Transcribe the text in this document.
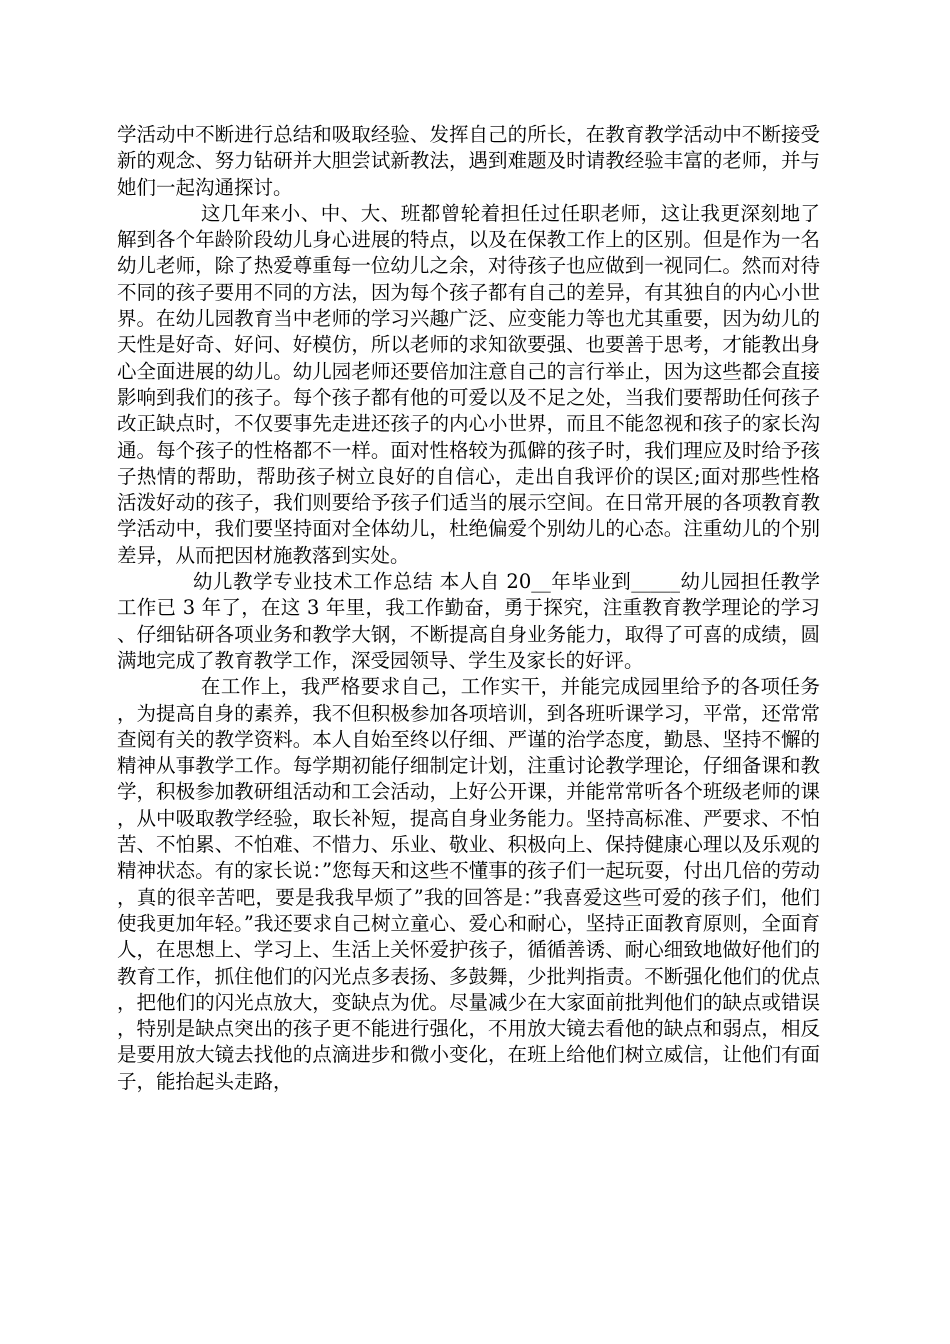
学活动中不断进行总结和吸取经验、发挥自己的所长，在教育教学活动中不断接受新的观念、努力钻研并大胆尝试新教法，遇到难题及时请教经验丰富的老师，并与她们一起沟通探讨。

这几年来小、中、大、班都曾轮着担任过任职老师，这让我更深刻地了解到各个年龄阶段幼儿身心进展的特点，以及在保教工作上的区别。但是作为一名幼儿老师，除了热爱尊重每一位幼儿之余，对待孩子也应做到一视同仁。然而对待不同的孩子要用不同的方法，因为每个孩子都有自己的差异，有其独自的内心小世界。在幼儿园教育当中老师的学习兴趣广泛、应变能力等也尤其重要，因为幼儿的天性是好奇、好问、好模仿，所以老师的求知欲要强、也要善于思考，才能教出身心全面进展的幼儿。幼儿园老师还要倍加注意自己的言行举止，因为这些都会直接影响到我们的孩子。每个孩子都有他的可爱以及不足之处，当我们要帮助任何孩子改正缺点时，不仅要事先走进还孩子的内心小世界，而且不能忽视和孩子的家长沟通。每个孩子的性格都不一样。面对性格较为孤僻的孩子时，我们理应及时给予孩子热情的帮助，帮助孩子树立良好的自信心，走出自我评价的误区;面对那些性格活泼好动的孩子，我们则要给予孩子们适当的展示空间。在日常开展的各项教育教学活动中，我们要坚持面对全体幼儿，杜绝偏爱个别幼儿的心态。注重幼儿的个别差异，从而把因材施教落到实处。

幼儿教学专业技术工作总结 本人自 20__年毕业到_____幼儿园担任教学工作已 3 年了，在这 3 年里，我工作勤奋，勇于探究，注重教育教学理论的学习、仔细钻研各项业务和教学大钢，不断提高自身业务能力，取得了可喜的成绩，圆满地完成了教育教学工作，深受园领导、学生及家长的好评。

在工作上，我严格要求自己，工作实干，并能完成园里给予的各项任务，为提高自身的素养，我不但积极参加各项培训，到各班听课学习，平常，还常常查阅有关的教学资料。本人自始至终以仔细、严谨的治学态度，勤恳、坚持不懈的精神从事教学工作。每学期初能仔细制定计划，注重讨论教学理论，仔细备课和教学，积极参加教研组活动和工会活动，上好公开课，并能常常听各个班级老师的课，从中吸取教学经验，取长补短，提高自身业务能力。坚持高标准、严要求、不怕苦、不怕累、不怕难、不惜力、乐业、敬业、积极向上、保持健康心理以及乐观的精神状态。有的家长说：”您每天和这些不懂事的孩子们一起玩耍，付出几倍的劳动，真的很辛苦吧，要是我我早烦了”我的回答是：”我喜爱这些可爱的孩子们，他们使我更加年轻。”我还要求自己树立童心、爱心和耐心，坚持正面教育原则，全面育人，在思想上、学习上、生活上关怀爱护孩子，循循善诱、耐心细致地做好他们的教育工作，抓住他们的闪光点多表扬、多鼓舞，少批判指责。不断强化他们的优点，把他们的闪光点放大，变缺点为优。尽量减少在大家面前批判他们的缺点或错误，特别是缺点突出的孩子更不能进行强化，不用放大镜去看他的缺点和弱点，相反是要用放大镜去找他的点滴进步和微小变化，在班上给他们树立威信，让他们有面子，能抬起头走路，
